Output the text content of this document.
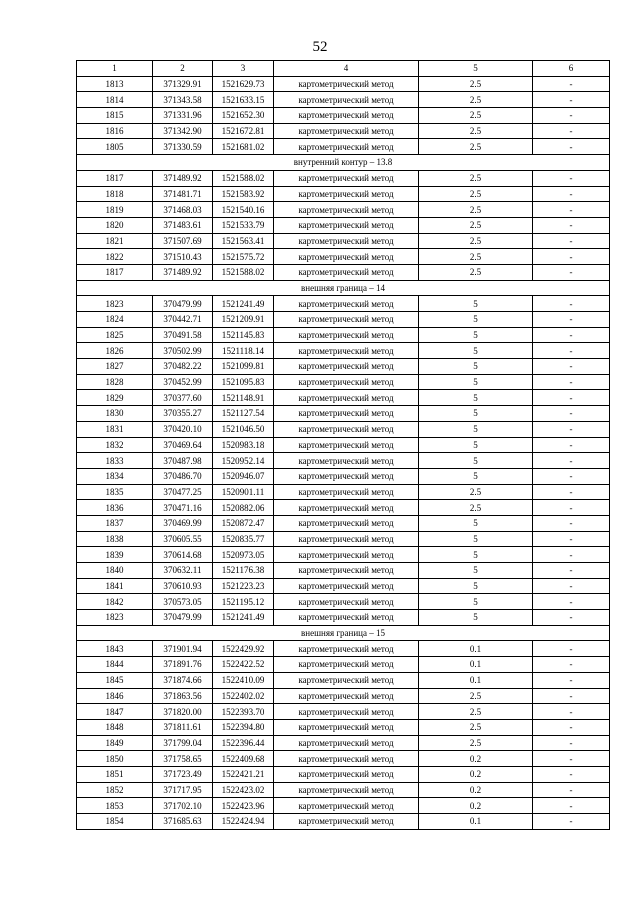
52
1	2	3	4	5	6
1813	371329.91	1521629.73	картометрический метод	2.5	-
1814	371343.58	1521633.15	картометрический метод	2.5	-
1815	371331.96	1521652.30	картометрический метод	2.5	-
1816	371342.90	1521672.81	картометрический метод	2.5	-
1805	371330.59	1521681.02	картометрический метод	2.5	-
внутренний контур – 13.8					
1817	371489.92	1521588.02	картометрический метод	2.5	-
1818	371481.71	1521583.92	картометрический метод	2.5	-
1819	371468.03	1521540.16	картометрический метод	2.5	-
1820	371483.61	1521533.79	картометрический метод	2.5	-
1821	371507.69	1521563.41	картометрический метод	2.5	-
1822	371510.43	1521575.72	картометрический метод	2.5	-
1817	371489.92	1521588.02	картометрический метод	2.5	-
внешняя граница – 14					
1823	370479.99	1521241.49	картометрический метод	5	-
1824	370442.71	1521209.91	картометрический метод	5	-
1825	370491.58	1521145.83	картометрический метод	5	-
1826	370502.99	1521118.14	картометрический метод	5	-
1827	370482.22	1521099.81	картометрический метод	5	-
1828	370452.99	1521095.83	картометрический метод	5	-
1829	370377.60	1521148.91	картометрический метод	5	-
1830	370355.27	1521127.54	картометрический метод	5	-
1831	370420.10	1521046.50	картометрический метод	5	-
1832	370469.64	1520983.18	картометрический метод	5	-
1833	370487.98	1520952.14	картометрический метод	5	-
1834	370486.70	1520946.07	картометрический метод	5	-
1835	370477.25	1520901.11	картометрический метод	2.5	-
1836	370471.16	1520882.06	картометрический метод	2.5	-
1837	370469.99	1520872.47	картометрический метод	5	-
1838	370605.55	1520835.77	картометрический метод	5	-
1839	370614.68	1520973.05	картометрический метод	5	-
1840	370632.11	1521176.38	картометрический метод	5	-
1841	370610.93	1521223.23	картометрический метод	5	-
1842	370573.05	1521195.12	картометрический метод	5	-
1823	370479.99	1521241.49	картометрический метод	5	-
внешняя граница – 15					
1843	371901.94	1522429.92	картометрический метод	0.1	-
1844	371891.76	1522422.52	картометрический метод	0.1	-
1845	371874.66	1522410.09	картометрический метод	0.1	-
1846	371863.56	1522402.02	картометрический метод	2.5	-
1847	371820.00	1522393.70	картометрический метод	2.5	-
1848	371811.61	1522394.80	картометрический метод	2.5	-
1849	371799.04	1522396.44	картометрический метод	2.5	-
1850	371758.65	1522409.68	картометрический метод	0.2	-
1851	371723.49	1522421.21	картометрический метод	0.2	-
1852	371717.95	1522423.02	картометрический метод	0.2	-
1853	371702.10	1522423.96	картометрический метод	0.2	-
1854	371685.63	1522424.94	картометрический метод	0.1	-
